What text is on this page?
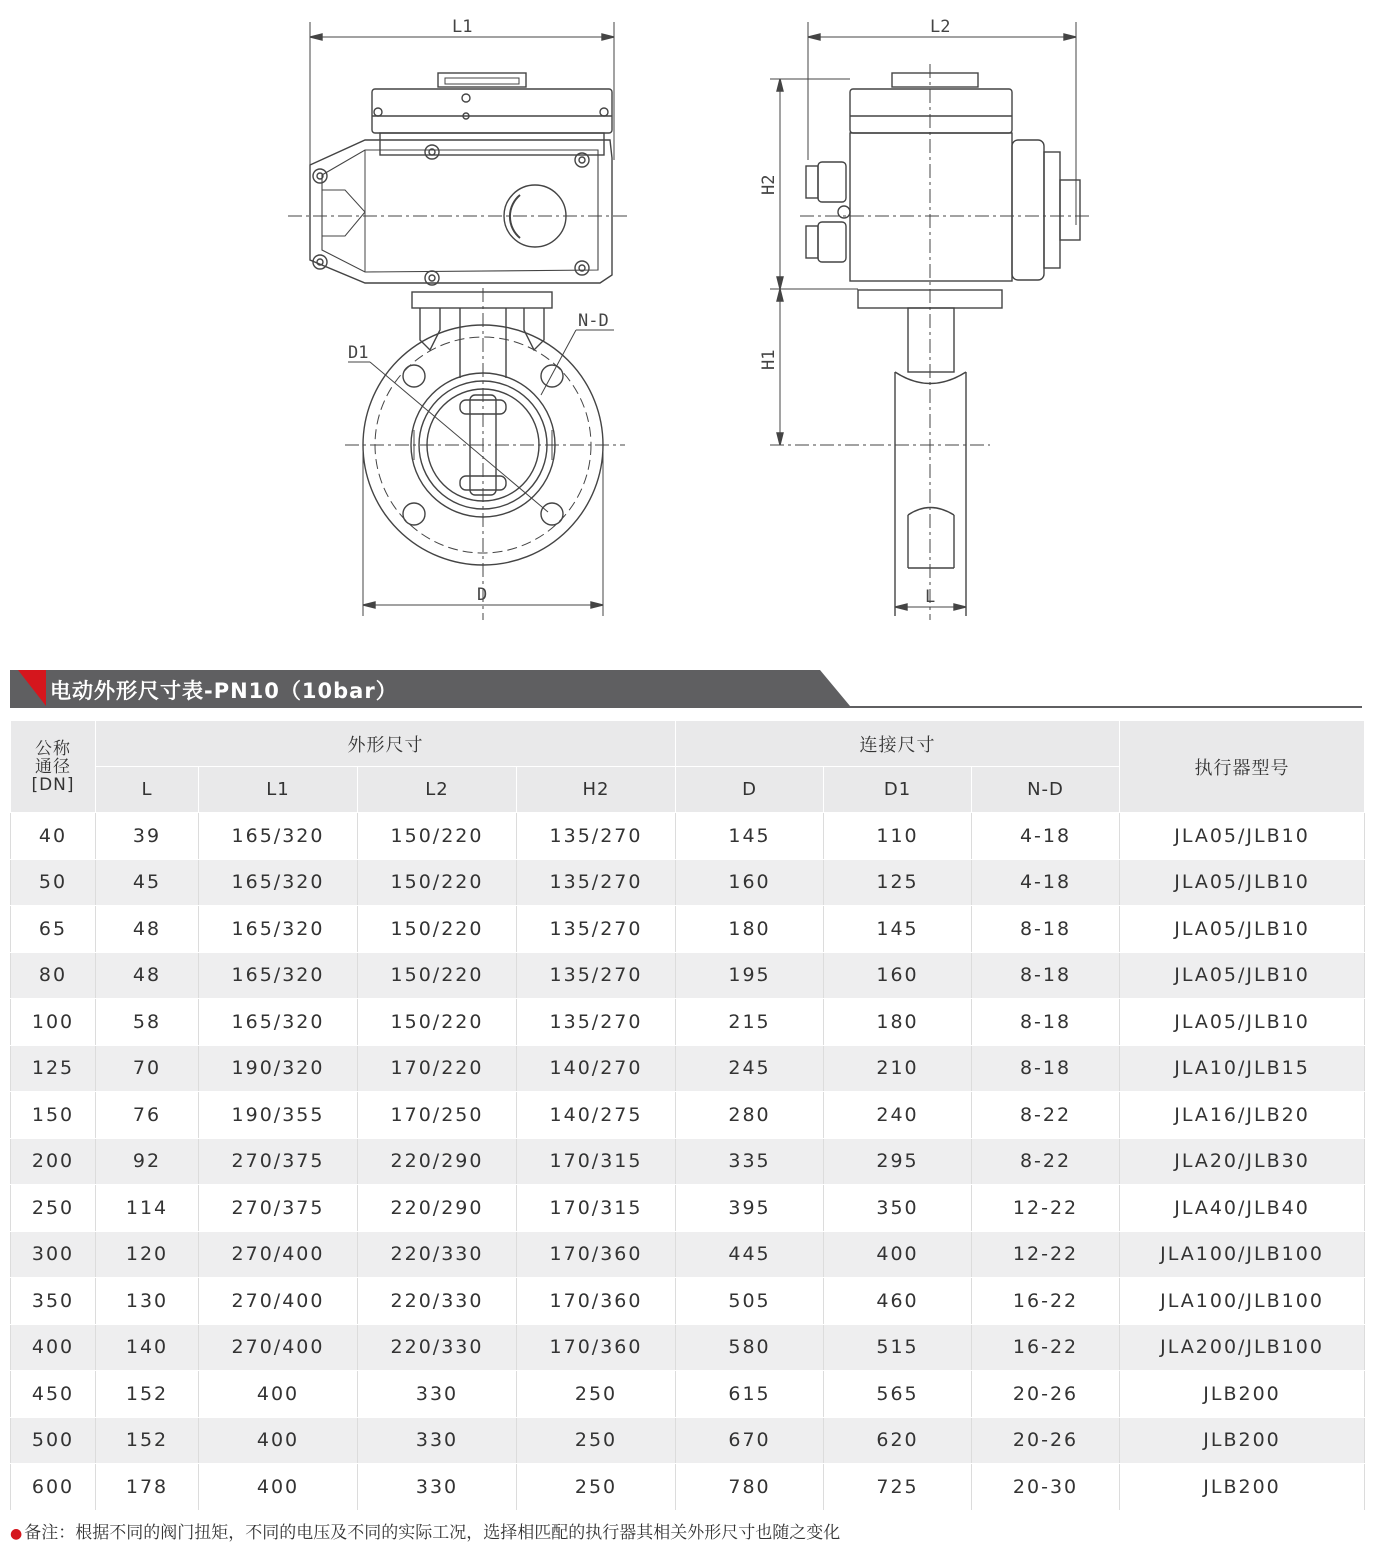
L1
D1
N-D
D
L2
H2
H1
L
电动外形尺寸表-PN10（10bar）
公称
通径
[DN]	外形尺寸				连接尺寸			执行器型号
	L	L1	L2	H2	D	D1	N-D	
40	39	165/320	150/220	135/270	145	110	4-18	JLA05/JLB10
50	45	165/320	150/220	135/270	160	125	4-18	JLA05/JLB10
65	48	165/320	150/220	135/270	180	145	8-18	JLA05/JLB10
80	48	165/320	150/220	135/270	195	160	8-18	JLA05/JLB10
100	58	165/320	150/220	135/270	215	180	8-18	JLA05/JLB10
125	70	190/320	170/220	140/270	245	210	8-18	JLA10/JLB15
150	76	190/355	170/250	140/275	280	240	8-22	JLA16/JLB20
200	92	270/375	220/290	170/315	335	295	8-22	JLA20/JLB30
250	114	270/375	220/290	170/315	395	350	12-22	JLA40/JLB40
300	120	270/400	220/330	170/360	445	400	12-22	JLA100/JLB100
350	130	270/400	220/330	170/360	505	460	16-22	JLA100/JLB100
400	140	270/400	220/330	170/360	580	515	16-22	JLA200/JLB100
450	152	400	330	250	615	565	20-26	JLB200
500	152	400	330	250	670	620	20-26	JLB200
600	178	400	330	250	780	725	20-30	JLB200
● 备注：根据不同的阀门扭矩，不同的电压及不同的实际工况，选择相匹配的执行器其相关外形尺寸也随之变化
